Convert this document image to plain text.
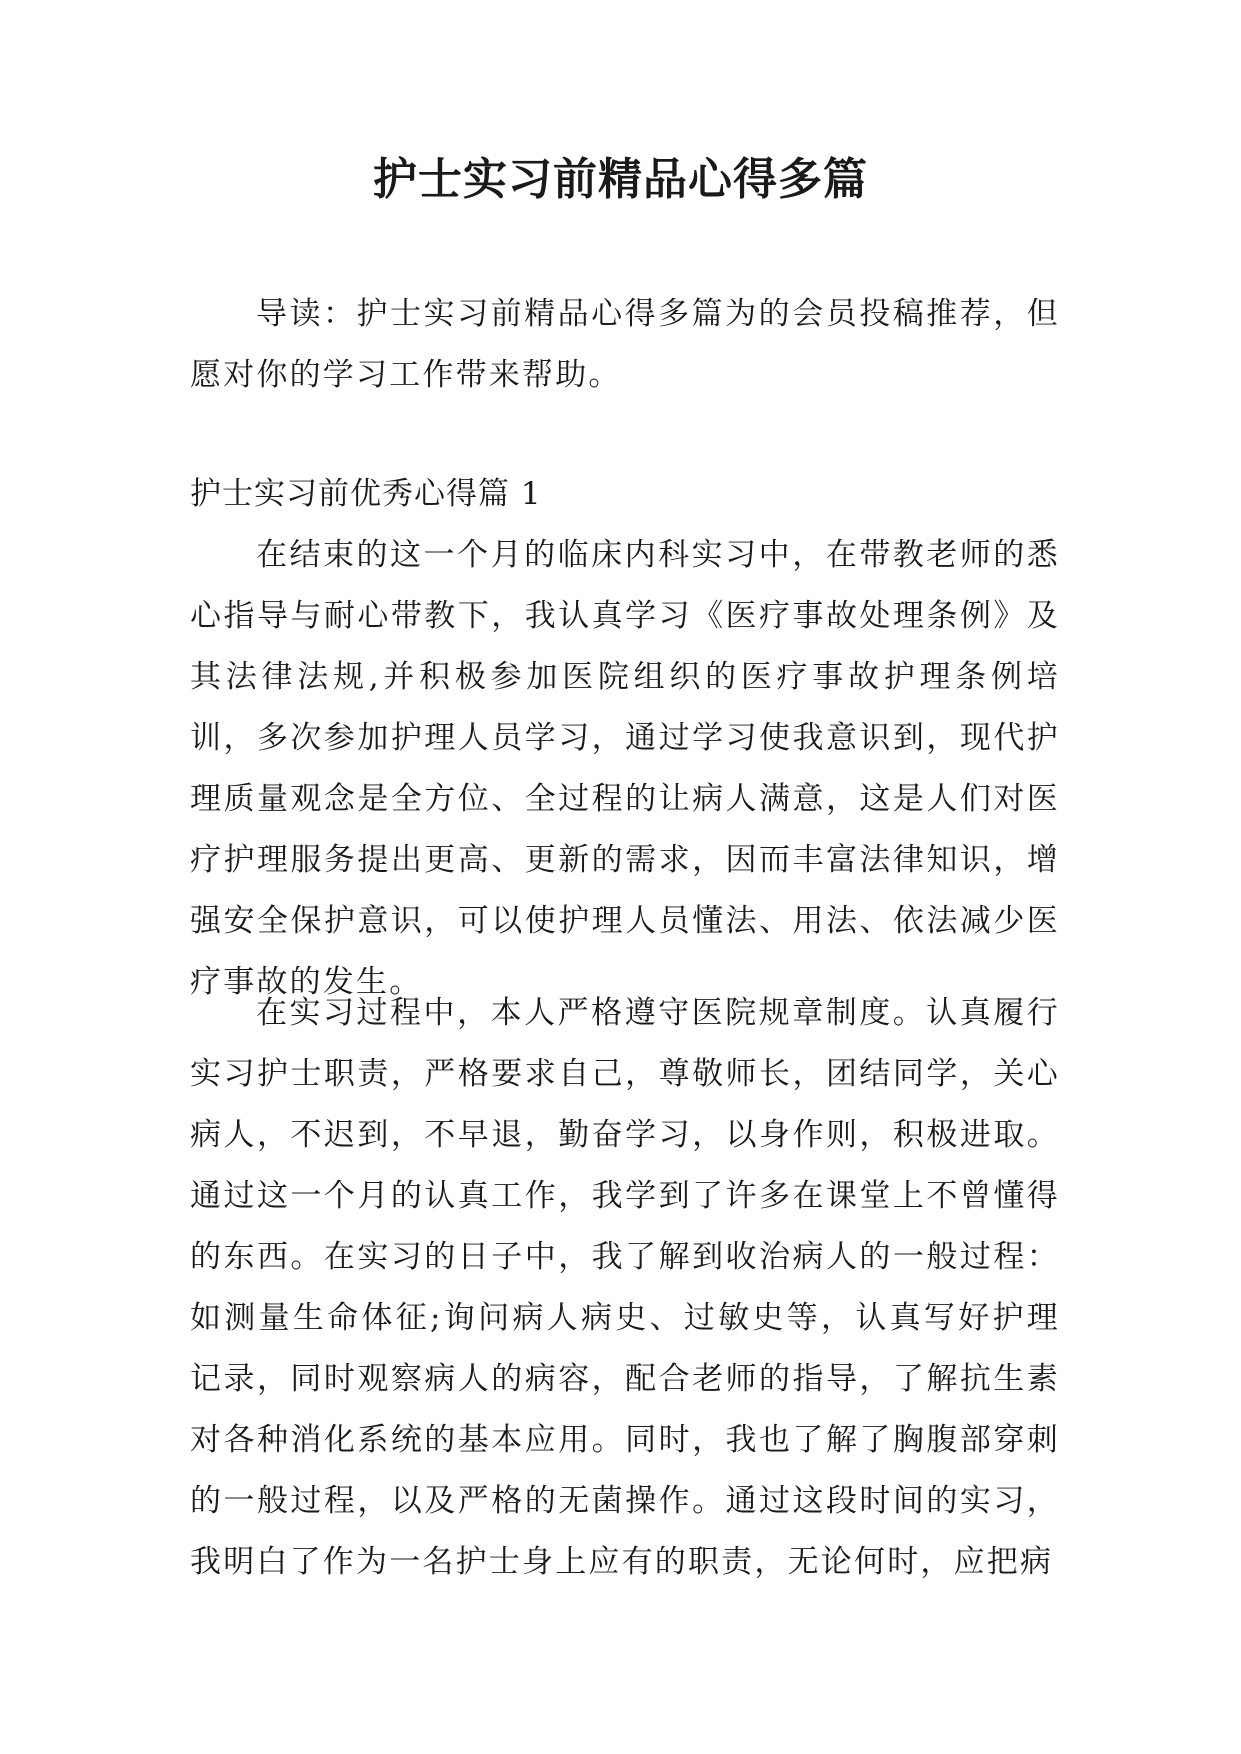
护士实习前精品心得多篇

导读：护士实习前精品心得多篇为的会员投稿推荐，但愿对你的学习工作带来帮助。

护士实习前优秀心得篇 1

在结束的这一个月的临床内科实习中，在带教老师的悉心指导与耐心带教下，我认真学习《医疗事故处理条例》及其法律法规,并积极参加医院组织的医疗事故护理条例培训，多次参加护理人员学习，通过学习使我意识到，现代护理质量观念是全方位、全过程的让病人满意，这是人们对医疗护理服务提出更高、更新的需求，因而丰富法律知识，增强安全保护意识，可以使护理人员懂法、用法、依法减少医疗事故的发生。

在实习过程中，本人严格遵守医院规章制度。认真履行实习护士职责，严格要求自己，尊敬师长，团结同学，关心病人，不迟到，不早退，勤奋学习，以身作则，积极进取。通过这一个月的认真工作，我学到了许多在课堂上不曾懂得的东西。在实习的日子中，我了解到收治病人的一般过程：如测量生命体征;询问病人病史、过敏史等，认真写好护理记录，同时观察病人的病容，配合老师的指导，了解抗生素对各种消化系统的基本应用。同时，我也了解了胸腹部穿刺的一般过程，以及严格的无菌操作。通过这段时间的实习，我明白了作为一名护士身上应有的职责，无论何时，应把病
